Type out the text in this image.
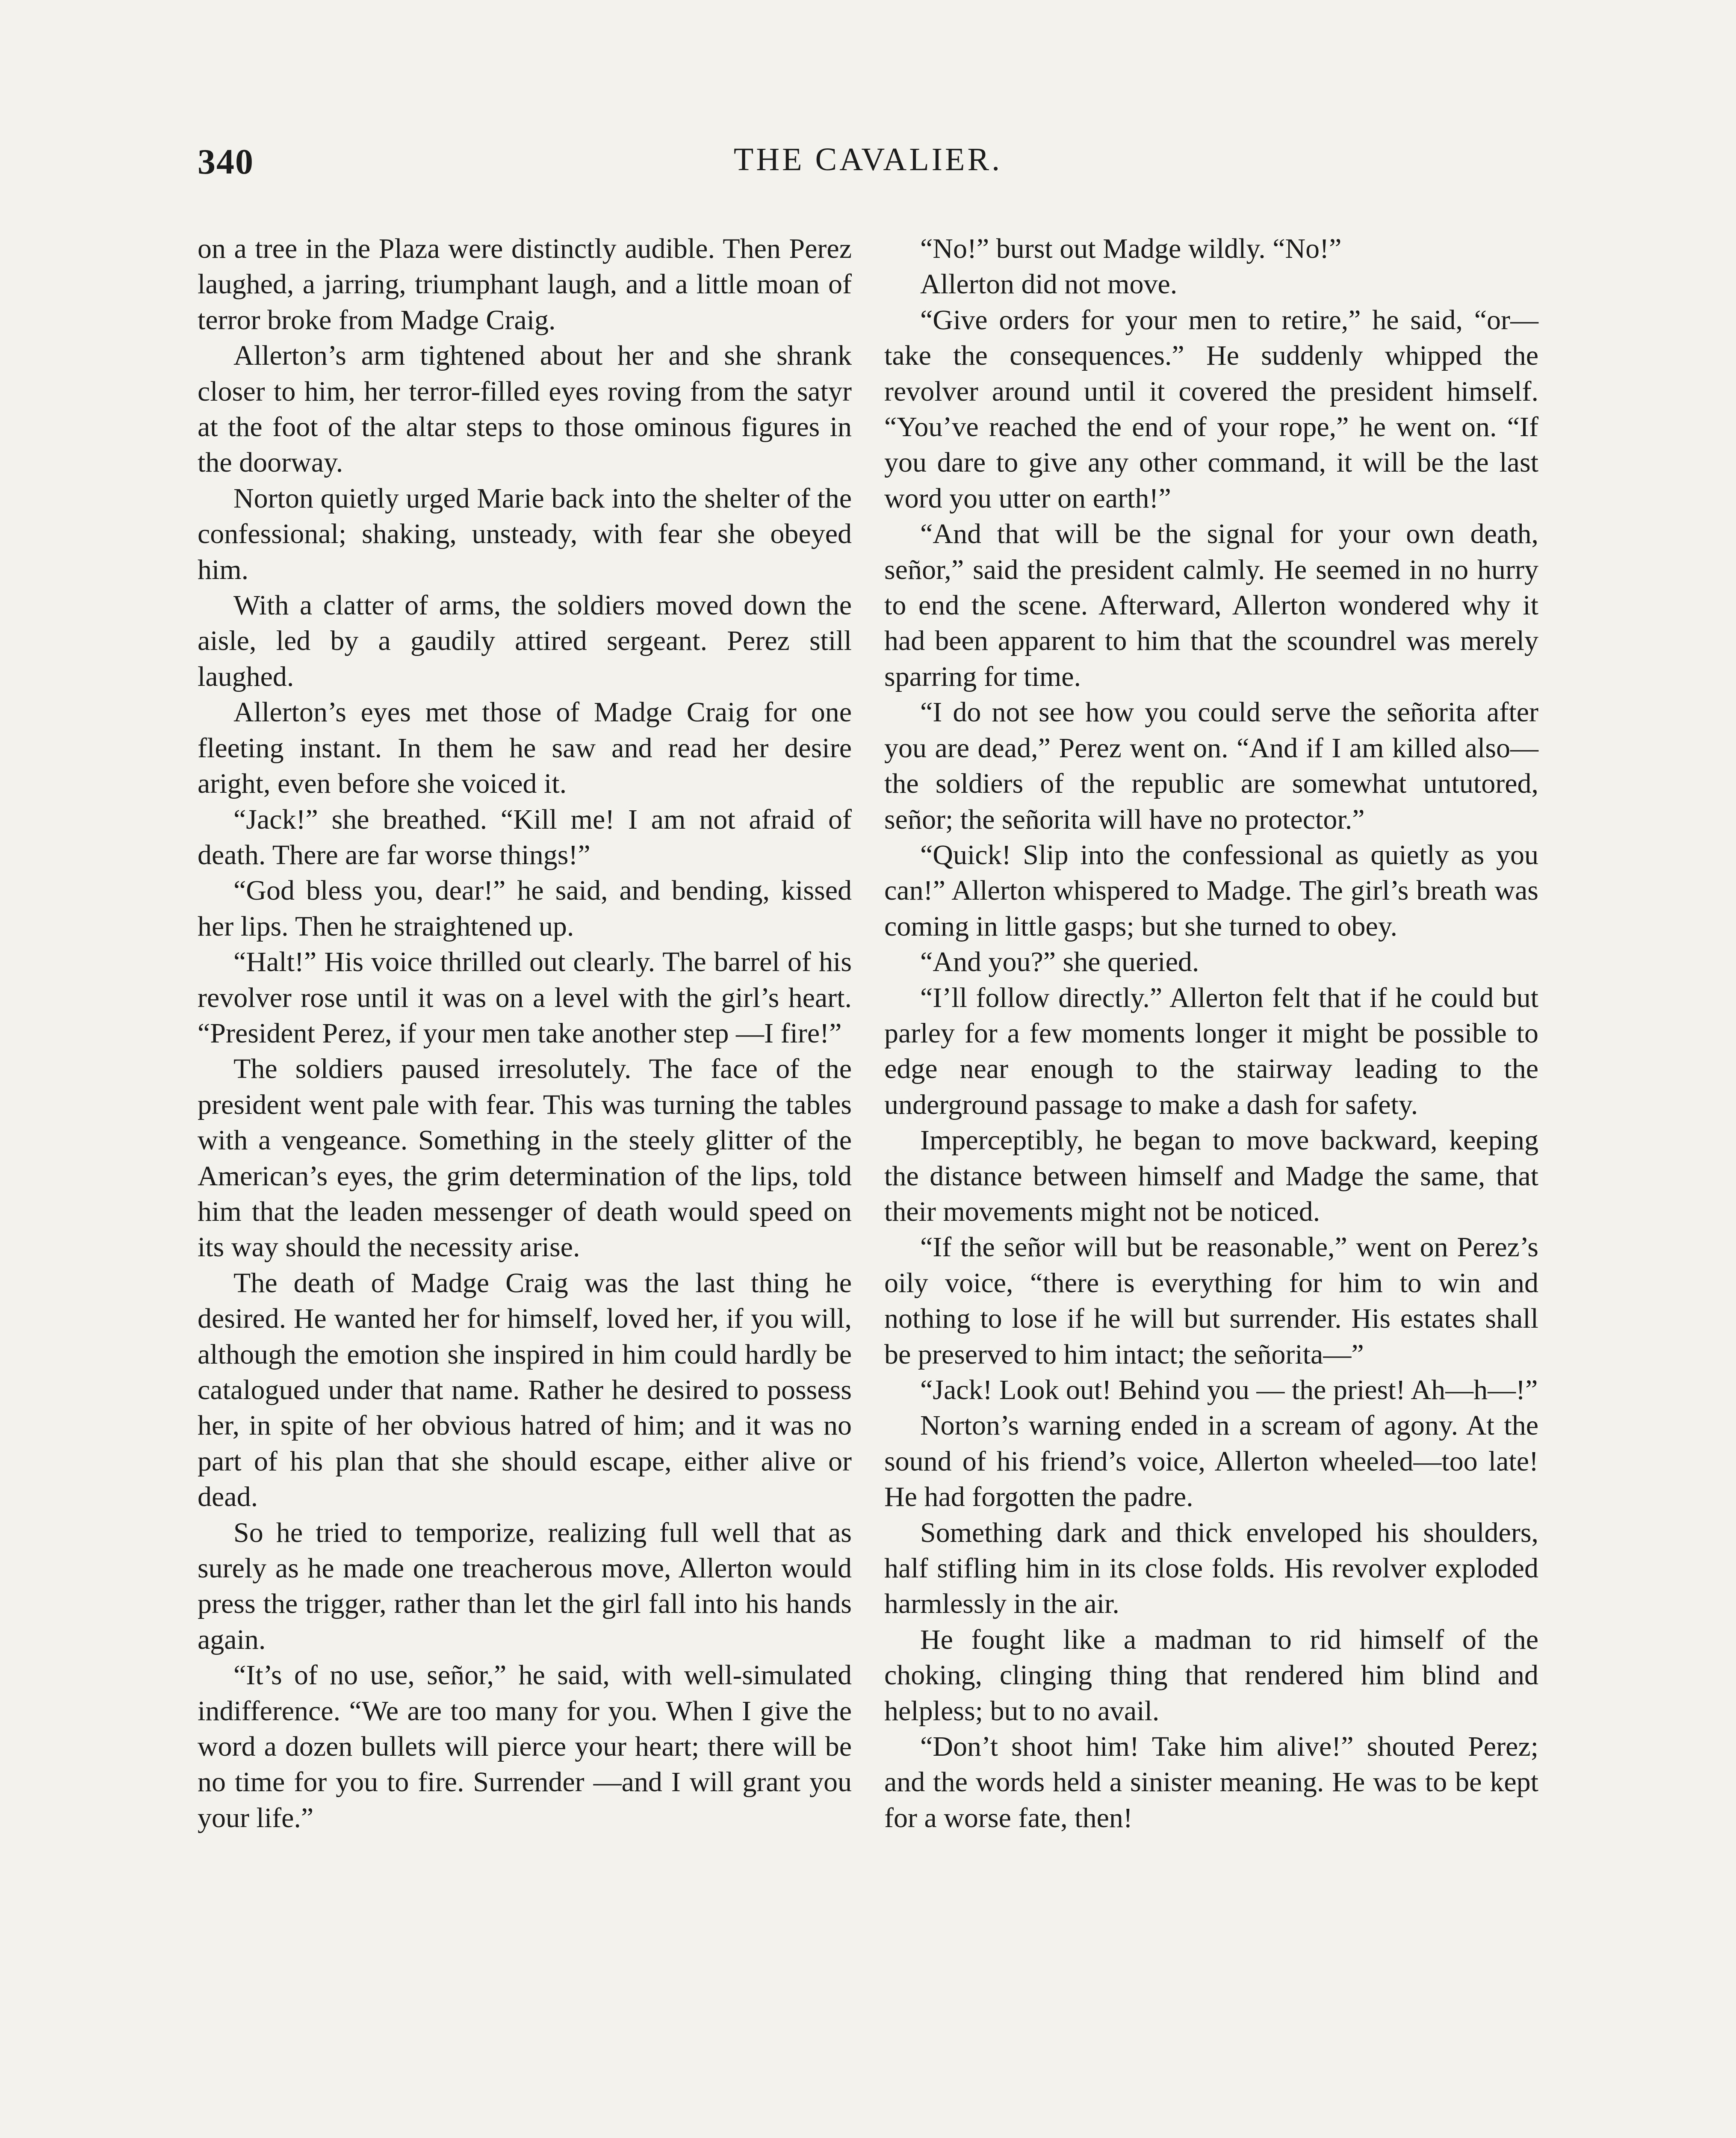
340	THE CAVALIER.

on a tree in the Plaza were distinctly audible. Then Perez laughed, a jarring, triumphant laugh, and a little moan of terror broke from Madge Craig.

Allerton’s arm tightened about her and she shrank closer to him, her terror-filled eyes roving from the satyr at the foot of the altar steps to those ominous figures in the doorway.

Norton quietly urged Marie back into the shelter of the confessional; shaking, unsteady, with fear she obeyed him.

With a clatter of arms, the soldiers moved down the aisle, led by a gaudily attired sergeant. Perez still laughed.

Allerton’s eyes met those of Madge Craig for one fleeting instant. In them he saw and read her desire aright, even before she voiced it.

“Jack!” she breathed. “Kill me! I am not afraid of death. There are far worse things!”

“God bless you, dear!” he said, and bending, kissed her lips. Then he straightened up.

“Halt!” His voice thrilled out clearly. The barrel of his revolver rose until it was on a level with the girl’s heart. “President Perez, if your men take another step —I fire!”

The soldiers paused irresolutely. The face of the president went pale with fear. This was turning the tables with a vengeance. Something in the steely glitter of the American’s eyes, the grim determination of the lips, told him that the leaden messenger of death would speed on its way should the necessity arise.

The death of Madge Craig was the last thing he desired. He wanted her for himself, loved her, if you will, although the emotion she inspired in him could hardly be catalogued under that name. Rather he desired to possess her, in spite of her obvious hatred of him; and it was no part of his plan that she should escape, either alive or dead.

So he tried to temporize, realizing full well that as surely as he made one treacherous move, Allerton would press the trigger, rather than let the girl fall into his hands again.

“It’s of no use, señor,” he said, with well-simulated indifference. “We are too many for you. When I give the word a dozen bullets will pierce your heart; there will be no time for you to fire. Surrender —and I will grant you your life.”

“No!” burst out Madge wildly. “No!”

Allerton did not move.

“Give orders for your men to retire,” he said, “or—take the consequences.” He suddenly whipped the revolver around until it covered the president himself. “You’ve reached the end of your rope,” he went on. “If you dare to give any other command, it will be the last word you utter on earth!”

“And that will be the signal for your own death, señor,” said the president calmly. He seemed in no hurry to end the scene. Afterward, Allerton wondered why it had been apparent to him that the scoundrel was merely sparring for time.

“I do not see how you could serve the señorita after you are dead,” Perez went on. “And if I am killed also—the soldiers of the republic are somewhat untutored, señor; the señorita will have no protector.”

“Quick! Slip into the confessional as quietly as you can!” Allerton whispered to Madge. The girl’s breath was coming in little gasps; but she turned to obey.

“And you?” she queried.

“I’ll follow directly.” Allerton felt that if he could but parley for a few moments longer it might be possible to edge near enough to the stairway leading to the underground passage to make a dash for safety.

Imperceptibly, he began to move backward, keeping the distance between himself and Madge the same, that their movements might not be noticed.

“If the señor will but be reasonable,” went on Perez’s oily voice, “there is everything for him to win and nothing to lose if he will but surrender. His estates shall be preserved to him intact; the señorita—”

“Jack! Look out! Behind you — the priest! Ah—h—!”

Norton’s warning ended in a scream of agony. At the sound of his friend’s voice, Allerton wheeled—too late! He had forgotten the padre.

Something dark and thick enveloped his shoulders, half stifling him in its close folds. His revolver exploded harmlessly in the air.

He fought like a madman to rid himself of the choking, clinging thing that rendered him blind and helpless; but to no avail.

“Don’t shoot him! Take him alive!” shouted Perez; and the words held a sinister meaning. He was to be kept for a worse fate, then!
